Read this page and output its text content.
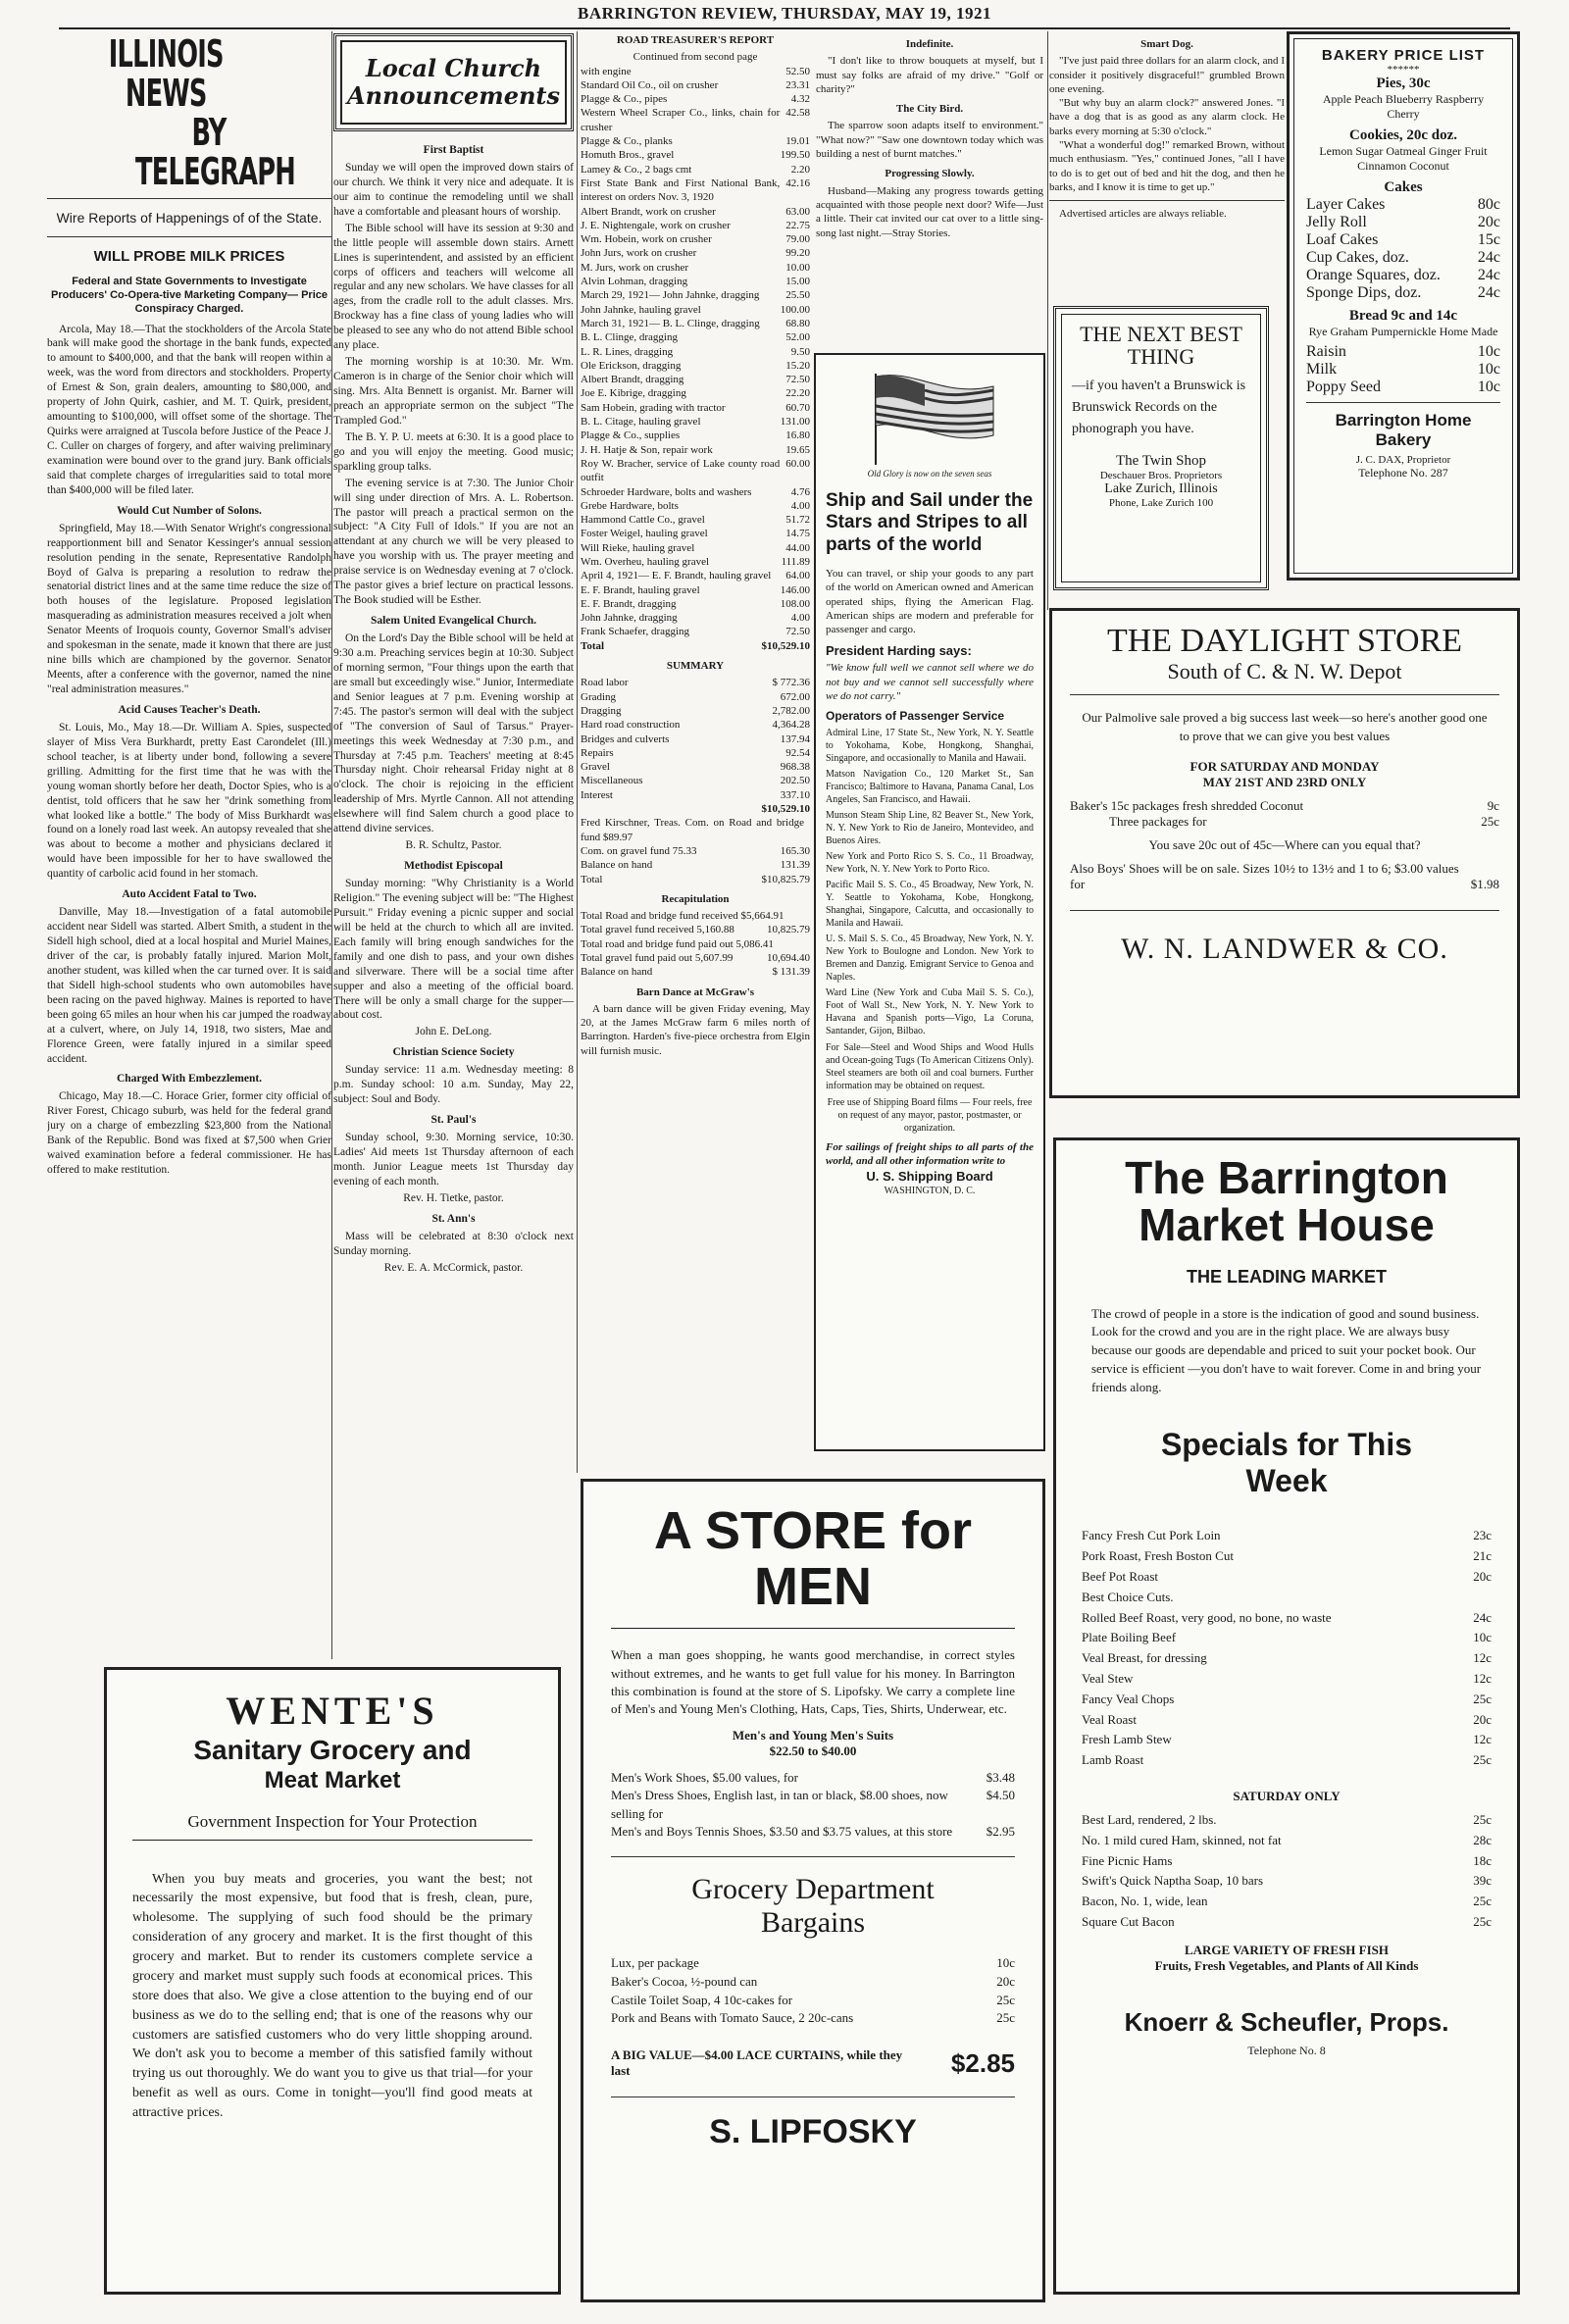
BARRINGTON REVIEW, THURSDAY, MAY 19, 1921
ILLINOIS NEWS
BY TELEGRAPH
Wire Reports of Happenings of of the State.
WILL PROBE MILK PRICES
Federal and State Governments to Investigate Producers' Co-Opera-tive Marketing Company— Price Conspiracy Charged.

Arcola, May 18.—That the stockholders of the Arcola State bank will make good the shortage in the bank funds, expected to amount to $400,000, and that the bank will reopen within a week, was the word from directors and stockholders. Property of Ernest & Son, grain dealers, amounting to $80,000, and property of John Quirk, cashier, and M. T. Quirk, president, amounting to $100,000, will offset some of the shortage. The Quirks were arraigned at Tuscola before Justice of the Peace J. C. Culler on charges of forgery, and after waiving preliminary examination were bound over to the grand jury. Bank officials said that complete charges of irregularities said to total more than $400,000 will be filed later.

Would Cut Number of Solons.

Springfield, May 18.—With Senator Wright's congressional reapportionment bill and Senator Kessinger's annual session resolution pending in the senate, Representative Randolph Boyd of Galva is preparing a resolution to redraw the senatorial district lines and at the same time reduce the size of both houses of the legislature. Proposed legislation masquerading as administration measures received a jolt when Senator Meents of Iroquois county, Governor Small's adviser and spokesman in the senate, made it known that there are just nine bills which are championed by the governor. Senator Meents, after a conference with the governor, named the nine "real administration measures."

Acid Causes Teacher's Death.

St. Louis, Mo., May 18.—Dr. William A. Spies, suspected slayer of Miss Vera Burkhardt, pretty East Carondelet (Ill.) school teacher, is at liberty under bond, following a severe grilling. Admitting for the first time that he was with the young woman shortly before her death, Doctor Spies, who is a dentist, told officers that he saw her "drink something from what looked like a bottle." The body of Miss Burkhardt was found on a lonely road last week. An autopsy revealed that she was about to become a mother and physicians declared it would have been impossible for her to have swallowed the quantity of carbolic acid found in her stomach.

Auto Accident Fatal to Two.

Danville, May 18.—Investigation of a fatal automobile accident near Sidell was started. Albert Smith, a student in the Sidell high school, died at a local hospital and Muriel Maines, driver of the car, is probably fatally injured. Marion Molt, another student, was killed when the car turned over. It is said that Sidell high-school students who own automobiles have been racing on the paved highway. Maines is reported to have been going 65 miles an hour when his car jumped the roadway at a culvert, where, on July 14, 1918, two sisters, Mae and Florence Green, were fatally injured in a similar speed accident.

Charged With Embezzlement.

Chicago, May 18.—C. Horace Grier, former city official of River Forest, Chicago suburb, was held for the federal grand jury on a charge of embezzling $23,800 from the National Bank of the Republic. Bond was fixed at $7,500 when Grier waived examination before a federal commissioner. He has offered to make restitution.

Local Church
Announcements
First Baptist

Sunday we will open the improved down stairs of our church. We think it very nice and adequate. It is our aim to continue the remodeling until we shall have a comfortable and pleasant hours of worship.

The Bible school will have its session at 9:30 and the little people will assemble down stairs. Arnett Lines is superintendent, and assisted by an efficient corps of officers and teachers will welcome all regular and any new scholars. We have classes for all ages, from the cradle roll to the adult classes. Mrs. Brockway has a fine class of young ladies who will be pleased to see any who do not attend Bible school any place.

The morning worship is at 10:30. Mr. Wm. Cameron is in charge of the Senior choir which will sing. Mrs. Alta Bennett is organist. Mr. Barner will preach an appropriate sermon on the subject "The Trampled God."

The B. Y. P. U. meets at 6:30. It is a good place to go and you will enjoy the meeting. Good music; sparkling group talks.

The evening service is at 7:30. The Junior Choir will sing under direction of Mrs. A. L. Robertson. The pastor will preach a practical sermon on the subject: "A City Full of Idols." If you are not an attendant at any church we will be very pleased to have you worship with us. The prayer meeting and praise service is on Wednesday evening at 7 o'clock. The pastor gives a brief lecture on practical lessons. The Book studied will be Esther.

Salem United Evangelical Church.

On the Lord's Day the Bible school will be held at 9:30 a.m. Preaching services begin at 10:30. Subject of morning sermon, "Four things upon the earth that are small but exceedingly wise." Junior, Intermediate and Senior leagues at 7 p.m. Evening worship at 7:45. The pastor's sermon will deal with the subject of "The conversion of Saul of Tarsus." Prayer-meetings this week Wednesday at 7:30 p.m., and Thursday at 7:45 p.m. Teachers' meeting at 8:45 Thursday night. Choir rehearsal Friday night at 8 o'clock. The choir is rejoicing in the efficient leadership of Mrs. Myrtle Cannon. All not attending elsewhere will find Salem church a good place to attend divine services.

B. R. Schultz, Pastor.
Methodist Episcopal

Sunday morning: "Why Christianity is a World Religion." The evening subject will be: "The Highest Pursuit." Friday evening a picnic supper and social will be held at the church to which all are invited. Each family will bring enough sandwiches for the family and one dish to pass, and your own dishes and silverware. There will be a social time after supper and also a meeting of the official board. There will be only a small charge for the supper—about cost.

John E. DeLong.
Christian Science Society

Sunday service: 11 a.m. Wednesday meeting: 8 p.m. Sunday school: 10 a.m. Sunday, May 22, subject: Soul and Body.

St. Paul's

Sunday school, 9:30. Morning service, 10:30. Ladies' Aid meets 1st Thursday afternoon of each month. Junior League meets 1st Thursday day evening of each month.

Rev. H. Tietke, pastor.
St. Ann's

Mass will be celebrated at 8:30 o'clock next Sunday morning.

Rev. E. A. McCormick, pastor.
ROAD TREASURER'S REPORT
Continued from second page
with engine	52.50
Standard Oil Co., oil on crusher	23.31
Plagge & Co., pipes	4.32
Western Wheel Scraper Co., links, chain for crusher
42.58
Plagge & Co., planks	19.01
Homuth Bros., gravel	199.50
Lamey & Co., 2 bags cmt	2.20
First State Bank and First National Bank, interest on orders Nov. 3, 1920
42.16
Albert Brandt, work on crusher	63.00
J. E. Nightengale, work on crusher	22.75
Wm. Hobein, work on crusher	79.00
John Jurs, work on crusher	99.20
M. Jurs, work on crusher	10.00
Alvin Lohman, dragging	15.00
March 29, 1921— John Jahnke, dragging	25.50
John Jahnke, hauling gravel	100.00
March 31, 1921— B. L. Clinge, dragging	68.80
B. L. Clinge, dragging	52.00
L. R. Lines, dragging	9.50
Ole Erickson, dragging	15.20
Albert Brandt, dragging	72.50
Joe E. Kibrige, dragging	22.20
Sam Hobein, grading with tractor	60.70
B. L. Citage, hauling gravel	131.00
Plagge & Co., supplies	16.80
J. H. Hatje & Son, repair work	19.65
Roy W. Bracher, service of Lake county road outfit
60.00
Schroeder Hardware, bolts and washers	4.76
Grebe Hardware, bolts	4.00
Hammond Cattle Co., gravel	51.72
Foster Weigel, hauling gravel	14.75
Will Rieke, hauling gravel	44.00
Wm. Overheu, hauling gravel	111.89
April 4, 1921— E. F. Brandt, hauling gravel	64.00
E. F. Brandt, hauling gravel	146.00
E. F. Brandt, dragging	108.00
John Jahnke, dragging	4.00
Frank Schaefer, dragging	72.50
Total	$10,529.10
SUMMARY
Road labor	$ 772.36
Grading	672.00
Dragging	2,782.00
Hard road construction	4,364.28
Bridges and culverts	137.94
Repairs	92.54
Gravel	968.38
Miscellaneous	202.50
Interest	337.10
$10,529.10
Fred Kirschner, Treas. Com. on Road and bridge fund $89.97
Com. on gravel fund 75.33	165.30
Balance on hand	131.39
Total	$10,825.79
Recapitulation
Total Road and bridge fund received $5,664.91
Total gravel fund received 5,160.88	10,825.79
Total road and bridge fund paid out 5,086.41
Total gravel fund paid out 5,607.99	10,694.40
Balance on hand	$ 131.39
Barn Dance at McGraw's

A barn dance will be given Friday evening, May 20, at the James McGraw farm 6 miles north of Barrington. Harden's five-piece orchestra from Elgin will furnish music.

Indefinite.

"I don't like to throw bouquets at myself, but I must say folks are afraid of my drive." "Golf or charity?"

The City Bird.

The sparrow soon adapts itself to environment." "What now?" "Saw one downtown today which was building a nest of burnt matches."

Progressing Slowly.

Husband—Making any progress towards getting acquainted with those people next door? Wife—Just a little. Their cat invited our cat over to a little sing-song last night.—Stray Stories.

Old Glory is now on the seven seas
Ship and Sail under the Stars and Stripes to all parts of the world

You can travel, or ship your goods to any part of the world on American owned and American operated ships, flying the American Flag. American ships are modern and preferable for passenger and cargo.

President Harding says:

"We know full well we cannot sell where we do not buy and we cannot sell successfully where we do not carry."

Operators of Passenger Service

Admiral Line, 17 State St., New York, N. Y. Seattle to Yokohama, Kobe, Hongkong, Shanghai, Singapore, and occasionally to Manila and Hawaii.

Matson Navigation Co., 120 Market St., San Francisco; Baltimore to Havana, Panama Canal, Los Angeles, San Francisco, and Hawaii.

Munson Steam Ship Line, 82 Beaver St., New York, N. Y. New York to Rio de Janeiro, Montevideo, and Buenos Aires.

New York and Porto Rico S. S. Co., 11 Broadway, New York, N. Y. New York to Porto Rico.

Pacific Mail S. S. Co., 45 Broadway, New York, N. Y. Seattle to Yokohama, Kobe, Hongkong, Shanghai, Singapore, Calcutta, and occasionally to Manila and Hawaii.

U. S. Mail S. S. Co., 45 Broadway, New York, N. Y. New York to Boulogne and London. New York to Bremen and Danzig. Emigrant Service to Genoa and Naples.

Ward Line (New York and Cuba Mail S. S. Co.), Foot of Wall St., New York, N. Y. New York to Havana and Spanish ports—Vigo, La Coruna, Santander, Gijon, Bilbao.

For Sale—Steel and Wood Ships and Wood Hulls and Ocean-going Tugs (To American Citizens Only). Steel steamers are both oil and coal burners. Further information may be obtained on request.

Free use of Shipping Board films — Four reels, free on request of any mayor, pastor, postmaster, or organization.

For sailings of freight ships to all parts of the world, and all other information write to

U. S. Shipping Board
WASHINGTON, D. C.
Smart Dog.

"I've just paid three dollars for an alarm clock, and I consider it positively disgraceful!" grumbled Brown one evening.

"But why buy an alarm clock?" answered Jones. "I have a dog that is as good as any alarm clock. He barks every morning at 5:30 o'clock."

"What a wonderful dog!" remarked Brown, without much enthusiasm. "Yes," continued Jones, "all I have to do is to get out of bed and hit the dog, and then he barks, and I know it is time to get up."

Advertised articles are always reliable.

THE NEXT BEST
THING
—if you haven't a Brunswick is Brunswick Records on the phonograph you have.
The Twin Shop
Deschauer Bros. Proprietors
Lake Zurich, Illinois
Phone, Lake Zurich 100
BAKERY PRICE LIST
******
Pies, 30c
Apple Peach Blueberry Raspberry Cherry
Cookies, 20c doz.
Lemon Sugar Oatmeal Ginger Fruit Cinnamon Coconut
Cakes
Layer Cakes	80c
Jelly Roll	20c
Loaf Cakes	15c
Cup Cakes, doz.	24c
Orange Squares, doz.	24c
Sponge Dips, doz.	24c
Bread 9c and 14c
Rye Graham Pumpernickle Home Made
Raisin	10c
Milk	10c
Poppy Seed	10c
Barrington Home
Bakery
J. C. DAX, Proprietor
Telephone No. 287
THE DAYLIGHT STORE
South of C. & N. W. Depot
Our Palmolive sale proved a big success last week—so here's another good one to prove that we can give you best values
FOR SATURDAY AND MONDAY
MAY 21ST AND 23RD ONLY
Baker's 15c packages fresh shredded Coconut	9c
Three packages for	25c
You save 20c out of 45c—Where can you equal that?
Also Boys' Shoes will be on sale. Sizes 10½ to 13½ and 1 to 6; $3.00 values for	$1.98
W. N. LANDWER & CO.
The Barrington
Market House
THE LEADING MARKET
The crowd of people in a store is the indication of good and sound business. Look for the crowd and you are in the right place. We are always busy because our goods are dependable and priced to suit your pocket book. Our service is efficient —you don't have to wait forever. Come in and bring your friends along.
Specials for This
Week
Fancy Fresh Cut Pork Loin	23c
Pork Roast, Fresh Boston Cut	21c
Beef Pot Roast	20c
Best Choice Cuts.
Rolled Beef Roast, very good, no bone, no waste	24c
Plate Boiling Beef	10c
Veal Breast, for dressing	12c
Veal Stew	12c
Fancy Veal Chops	25c
Veal Roast	20c
Fresh Lamb Stew	12c
Lamb Roast	25c
SATURDAY ONLY
Best Lard, rendered, 2 lbs.	25c
No. 1 mild cured Ham, skinned, not fat	28c
Fine Picnic Hams	18c
Swift's Quick Naptha Soap, 10 bars	39c
Bacon, No. 1, wide, lean	25c
Square Cut Bacon	25c
LARGE VARIETY OF FRESH FISH
Fruits, Fresh Vegetables, and Plants of All Kinds
Knoerr & Scheufler, Props.
Telephone No. 8
WENTE'S
Sanitary Grocery and
Meat Market
Government Inspection for Your Protection
When you buy meats and groceries, you want the best; not necessarily the most expensive, but food that is fresh, clean, pure, wholesome. The supplying of such food should be the primary consideration of any grocery and market. It is the first thought of this grocery and market. But to render its customers complete service a grocery and market must supply such foods at economical prices. This store does that also. We give a close attention to the buying end of our business as we do to the selling end; that is one of the reasons why our customers are satisfied customers who do very little shopping around. We don't ask you to become a member of this satisfied family without trying us out thoroughly. We do want you to give us that trial—for your benefit as well as ours. Come in tonight—you'll find good meats at attractive prices.
A STORE for
MEN
When a man goes shopping, he wants good merchandise, in correct styles without extremes, and he wants to get full value for his money. In Barrington this combination is found at the store of S. Lipofsky. We carry a complete line of Men's and Young Men's Clothing, Hats, Caps, Ties, Shirts, Underwear, etc.
Men's and Young Men's Suits
$22.50 to $40.00
Men's Work Shoes, $5.00 values, for	$3.48
Men's Dress Shoes, English last, in tan or black, $8.00 shoes, now selling for
$4.50
Men's and Boys Tennis Shoes, $3.50 and $3.75 values, at this store	$2.95
Grocery Department
Bargains
Lux, per package	10c
Baker's Cocoa, ½-pound can	20c
Castile Toilet Soap, 4 10c-cakes for	25c
Pork and Beans with Tomato Sauce, 2 20c-cans	25c
A BIG VALUE—$4.00 LACE CURTAINS, while they last	$2.85
S. LIPFOSKY
